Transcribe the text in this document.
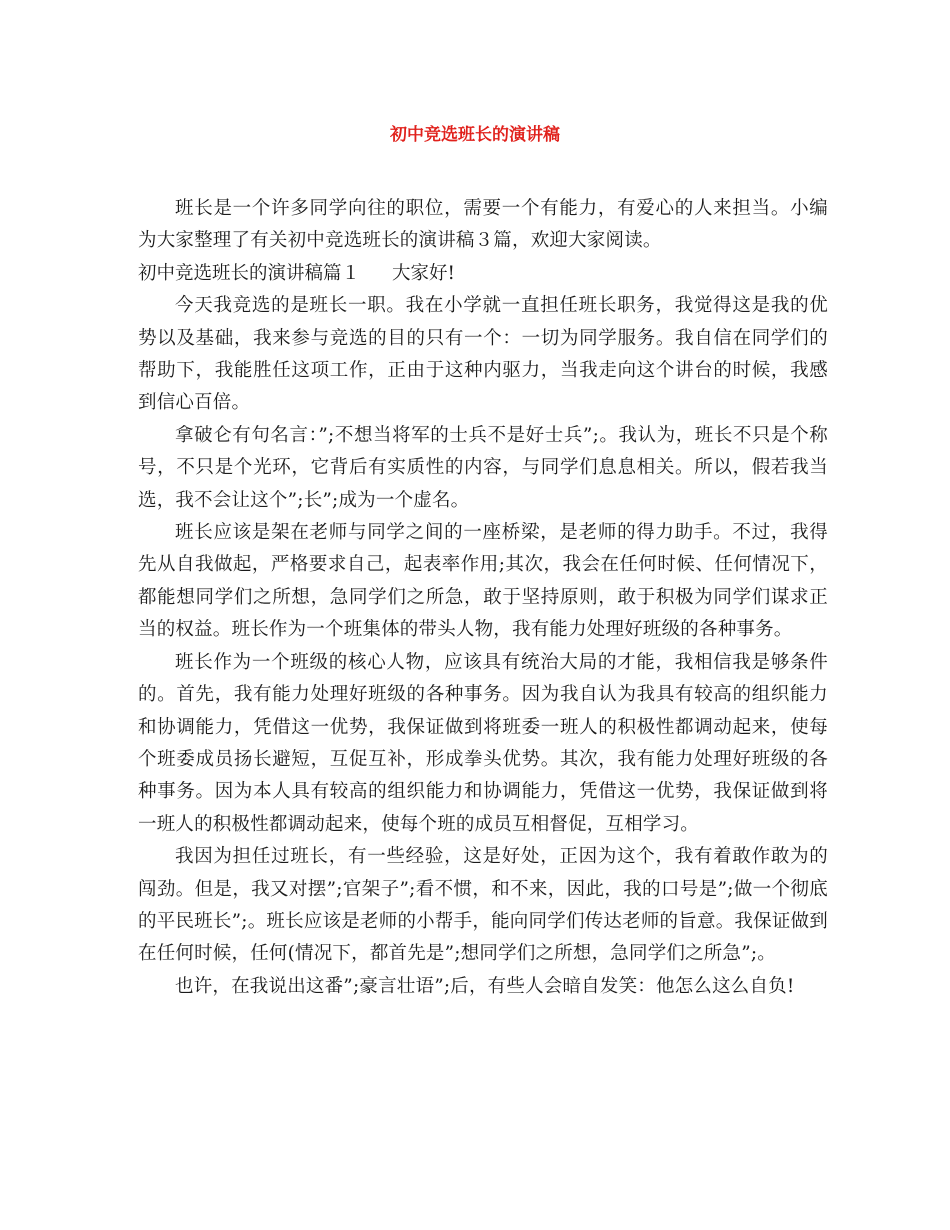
初中竞选班长的演讲稿

班长是一个许多同学向往的职位，需要一个有能力，有爱心的人来担当。小编为大家整理了有关初中竞选班长的演讲稿３篇，欢迎大家阅读。

初中竞选班长的演讲稿篇１ 大家好!

今天我竞选的是班长一职。我在小学就一直担任班长职务，我觉得这是我的优势以及基础，我来参与竞选的目的只有一个：一切为同学服务。我自信在同学们的帮助下，我能胜任这项工作，正由于这种内驱力，当我走向这个讲台的时候，我感到信心百倍。

拿破仑有句名言：”;不想当将军的士兵不是好士兵”;。我认为，班长不只是个称号，不只是个光环，它背后有实质性的内容，与同学们息息相关。所以，假若我当选，我不会让这个”;长”;成为一个虚名。

班长应该是架在老师与同学之间的一座桥梁，是老师的得力助手。不过，我得先从自我做起，严格要求自己，起表率作用;其次，我会在任何时候、任何情况下，都能想同学们之所想，急同学们之所急，敢于坚持原则，敢于积极为同学们谋求正当的权益。班长作为一个班集体的带头人物，我有能力处理好班级的各种事务。

班长作为一个班级的核心人物，应该具有统治大局的才能，我相信我是够条件的。首先，我有能力处理好班级的各种事务。因为我自认为我具有较高的组织能力和协调能力，凭借这一优势，我保证做到将班委一班人的积极性都调动起来，使每个班委成员扬长避短，互促互补，形成拳头优势。其次，我有能力处理好班级的各种事务。因为本人具有较高的组织能力和协调能力，凭借这一优势，我保证做到将一班人的积极性都调动起来，使每个班的成员互相督促，互相学习。

我因为担任过班长，有一些经验，这是好处，正因为这个，我有着敢作敢为的闯劲。但是，我又对摆”;官架子”;看不惯，和不来，因此，我的口号是”;做一个彻底的平民班长”;。班长应该是老师的小帮手，能向同学们传达老师的旨意。我保证做到在任何时候，任何(情况下，都首先是”;想同学们之所想，急同学们之所急”;。

也许，在我说出这番”;豪言壮语”;后，有些人会暗自发笑：他怎么这么自负!
